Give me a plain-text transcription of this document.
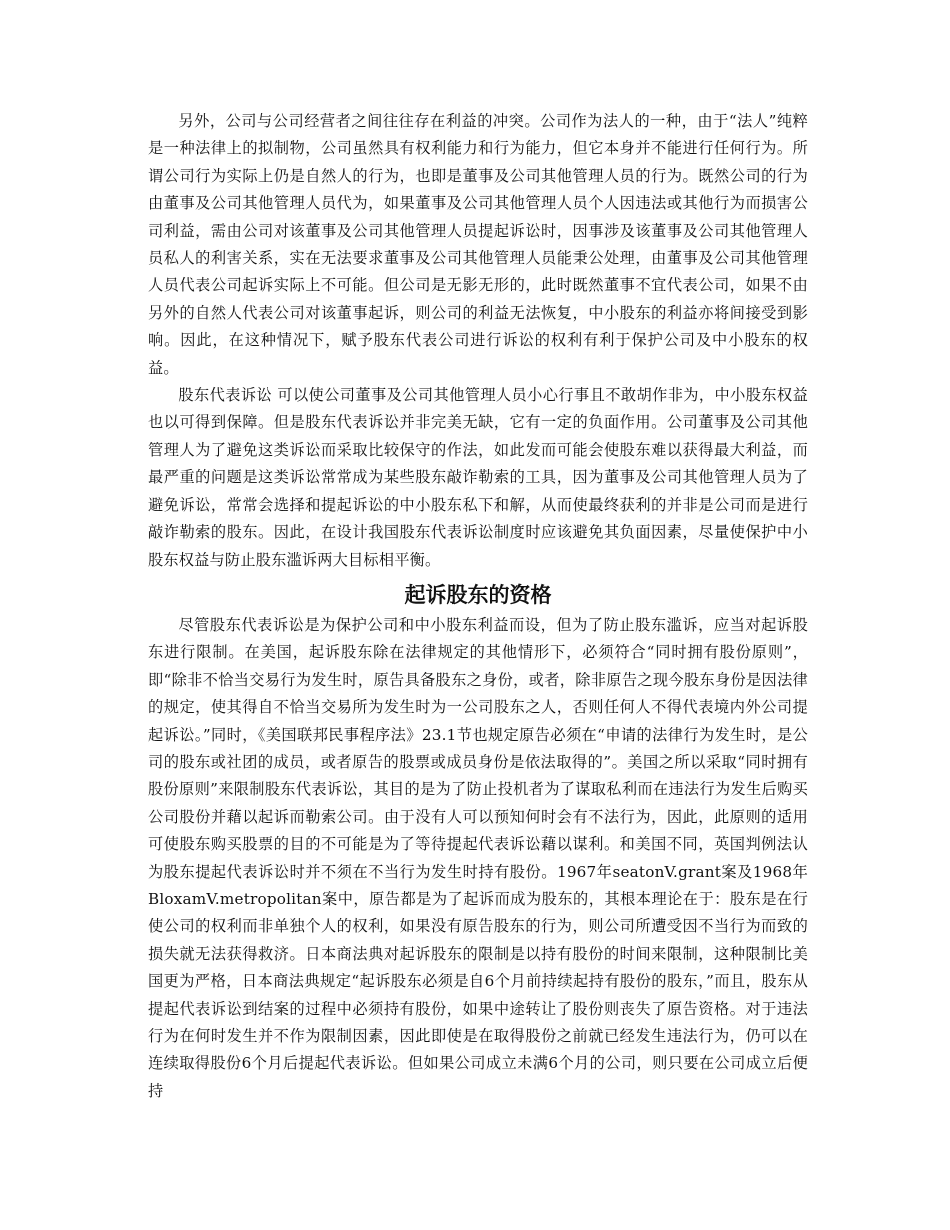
另外，公司与公司经营者之间往往存在利益的冲突。公司作为法人的一种，由于“法人”纯粹是一种法律上的拟制物，公司虽然具有权利能力和行为能力，但它本身并不能进行任何行为。所谓公司行为实际上仍是自然人的行为，也即是董事及公司其他管理人员的行为。既然公司的行为由董事及公司其他管理人员代为，如果董事及公司其他管理人员个人因违法或其他行为而损害公司利益，需由公司对该董事及公司其他管理人员提起诉讼时，因事涉及该董事及公司其他管理人员私人的利害关系，实在无法要求董事及公司其他管理人员能秉公处理，由董事及公司其他管理人员代表公司起诉实际上不可能。但公司是无影无形的，此时既然董事不宜代表公司，如果不由另外的自然人代表公司对该董事起诉，则公司的利益无法恢复，中小股东的利益亦将间接受到影响。因此，在这种情况下，赋予股东代表公司进行诉讼的权利有利于保护公司及中小股东的权益。

股东代表诉讼 可以使公司董事及公司其他管理人员小心行事且不敢胡作非为，中小股东权益也以可得到保障。但是股东代表诉讼并非完美无缺，它有一定的负面作用。公司董事及公司其他管理人为了避免这类诉讼而采取比较保守的作法，如此发而可能会使股东难以获得最大利益，而最严重的问题是这类诉讼常常成为某些股东敲诈勒索的工具，因为董事及公司其他管理人员为了避免诉讼，常常会选择和提起诉讼的中小股东私下和解，从而使最终获利的并非是公司而是进行敲诈勒索的股东。因此，在设计我国股东代表诉讼制度时应该避免其负面因素，尽量使保护中小股东权益与防止股东滥诉两大目标相平衡。

起诉股东的资格

尽管股东代表诉讼是为保护公司和中小股东利益而设，但为了防止股东滥诉，应当对起诉股东进行限制。在美国，起诉股东除在法律规定的其他情形下，必须符合“同时拥有股份原则”，即“除非不恰当交易行为发生时，原告具备股东之身份，或者，除非原告之现今股东身份是因法律的规定，使其得自不恰当交易所为发生时为一公司股东之人，否则任何人不得代表境内外公司提起诉讼。”同时，《美国联邦民事程序法》23.1节也规定原告必须在“申请的法律行为发生时，是公司的股东或社团的成员，或者原告的股票或成员身份是依法取得的”。美国之所以采取“同时拥有股份原则”来限制股东代表诉讼，其目的是为了防止投机者为了谋取私利而在违法行为发生后购买公司股份并藉以起诉而勒索公司。由于没有人可以预知何时会有不法行为，因此，此原则的适用可使股东购买股票的目的不可能是为了等待提起代表诉讼藉以谋利。和美国不同，英国判例法认为股东提起代表诉讼时并不须在不当行为发生时持有股份。1967年seatonV.grant案及1968年BloxamV.metropolitan案中，原告都是为了起诉而成为股东的，其根本理论在于：股东是在行使公司的权利而非单独个人的权利，如果没有原告股东的行为，则公司所遭受因不当行为而致的损失就无法获得救济。日本商法典对起诉股东的限制是以持有股份的时间来限制，这种限制比美国更为严格，日本商法典规定“起诉股东必须是自6个月前持续起持有股份的股东，”而且，股东从提起代表诉讼到结案的过程中必须持有股份，如果中途转让了股份则丧失了原告资格。对于违法行为在何时发生并不作为限制因素，因此即使是在取得股份之前就已经发生违法行为，仍可以在连续取得股份6个月后提起代表诉讼。但如果公司成立未满6个月的公司，则只要在公司成立后便持
